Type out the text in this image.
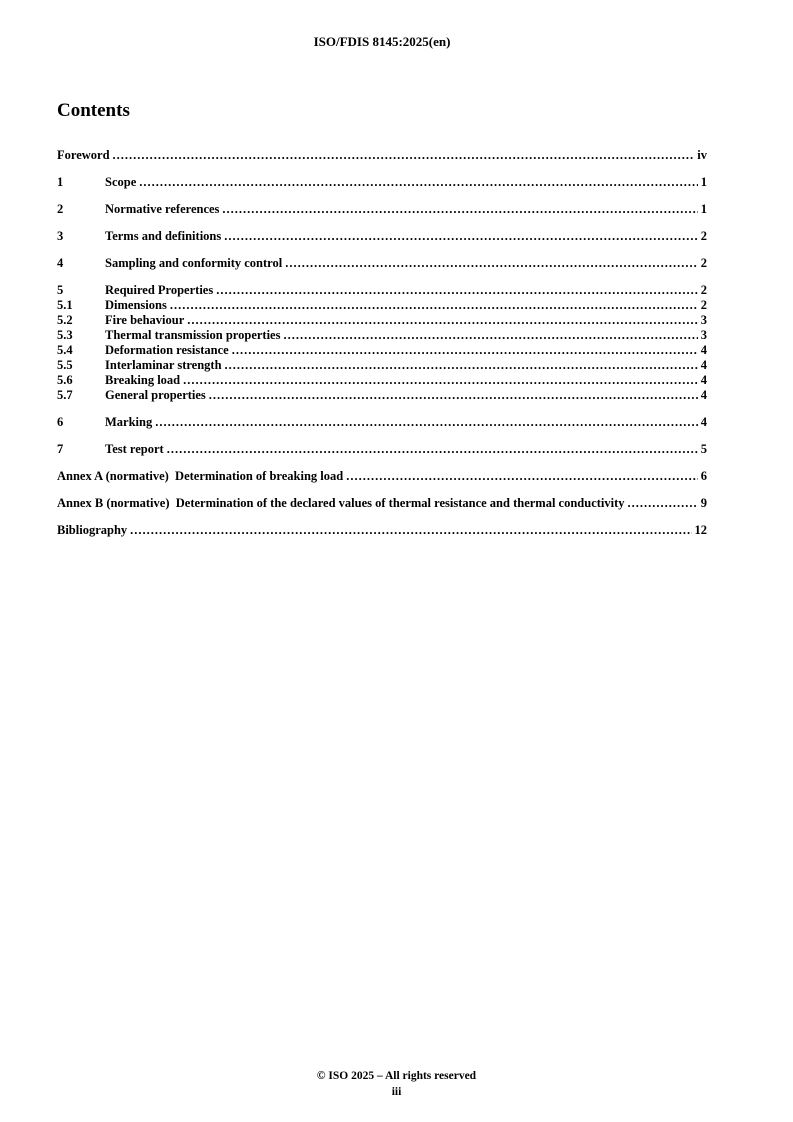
ISO/FDIS 8145:2025(en)
Contents
Foreword .....	iv
1	Scope .....	1
2	Normative references .....	1
3	Terms and definitions .....	2
4	Sampling and conformity control .....	2
5	Required Properties .....	2
5.1	Dimensions .....	2
5.2	Fire behaviour .....	3
5.3	Thermal transmission properties .....	3
5.4	Deformation resistance .....	4
5.5	Interlaminar strength .....	4
5.6	Breaking load .....	4
5.7	General properties .....	4
6	Marking .....	4
7	Test report .....	5
Annex A (normative)  Determination of breaking load .....	6
Annex B (normative)  Determination of the declared values of thermal resistance and thermal conductivity .....	9
Bibliography .....	12
© ISO 2025 – All rights reserved
iii
